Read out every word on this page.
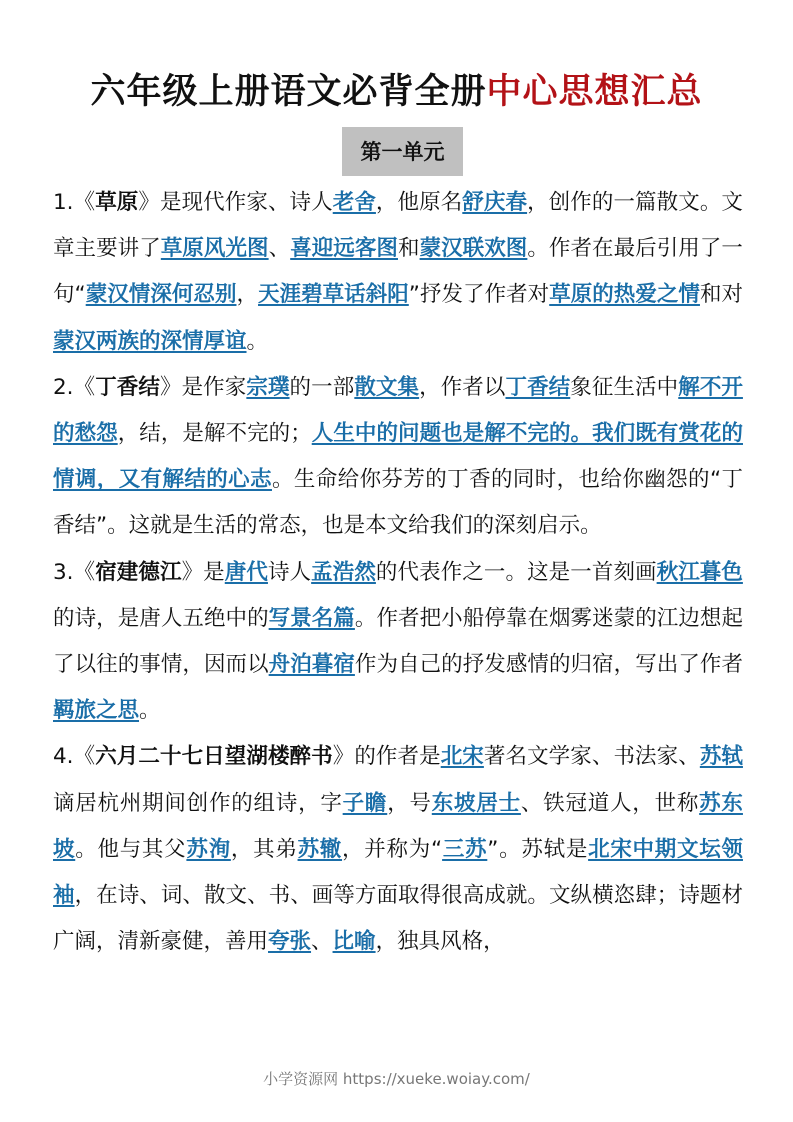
六年级上册语文必背全册中心思想汇总
第一单元

1.《草原》是现代作家、诗人老舍，他原名舒庆春，创作的一篇散文。文章主要讲了草原风光图、喜迎远客图和蒙汉联欢图。作者在最后引用了一句“蒙汉情深何忍别，天涯碧草话斜阳”抒发了作者对草原的热爱之情和对蒙汉两族的深情厚谊。

2.《丁香结》是作家宗璞的一部散文集，作者以丁香结象征生活中解不开的愁怨，结，是解不完的；人生中的问题也是解不完的。我们既有赏花的情调，又有解结的心志。生命给你芬芳的丁香的同时，也给你幽怨的“丁香结”。这就是生活的常态，也是本文给我们的深刻启示。

3.《宿建德江》是唐代诗人孟浩然的代表作之一。这是一首刻画秋江暮色的诗，是唐人五绝中的写景名篇。作者把小船停靠在烟雾迷蒙的江边想起了以往的事情，因而以舟泊暮宿作为自己的抒发感情的归宿，写出了作者羁旅之思。

4.《六月二十七日望湖楼醉书》的作者是北宋著名文学家、书法家、苏轼谪居杭州期间创作的组诗，字子瞻，号东坡居士、铁冠道人，世称苏东坡。他与其父苏洵，其弟苏辙，并称为“三苏”。苏轼是北宋中期文坛领袖，在诗、词、散文、书、画等方面取得很高成就。文纵横恣肆；诗题材广阔，清新豪健，善用夸张、比喻，独具风格，

小学资源网 https://xueke.woiay.com/
